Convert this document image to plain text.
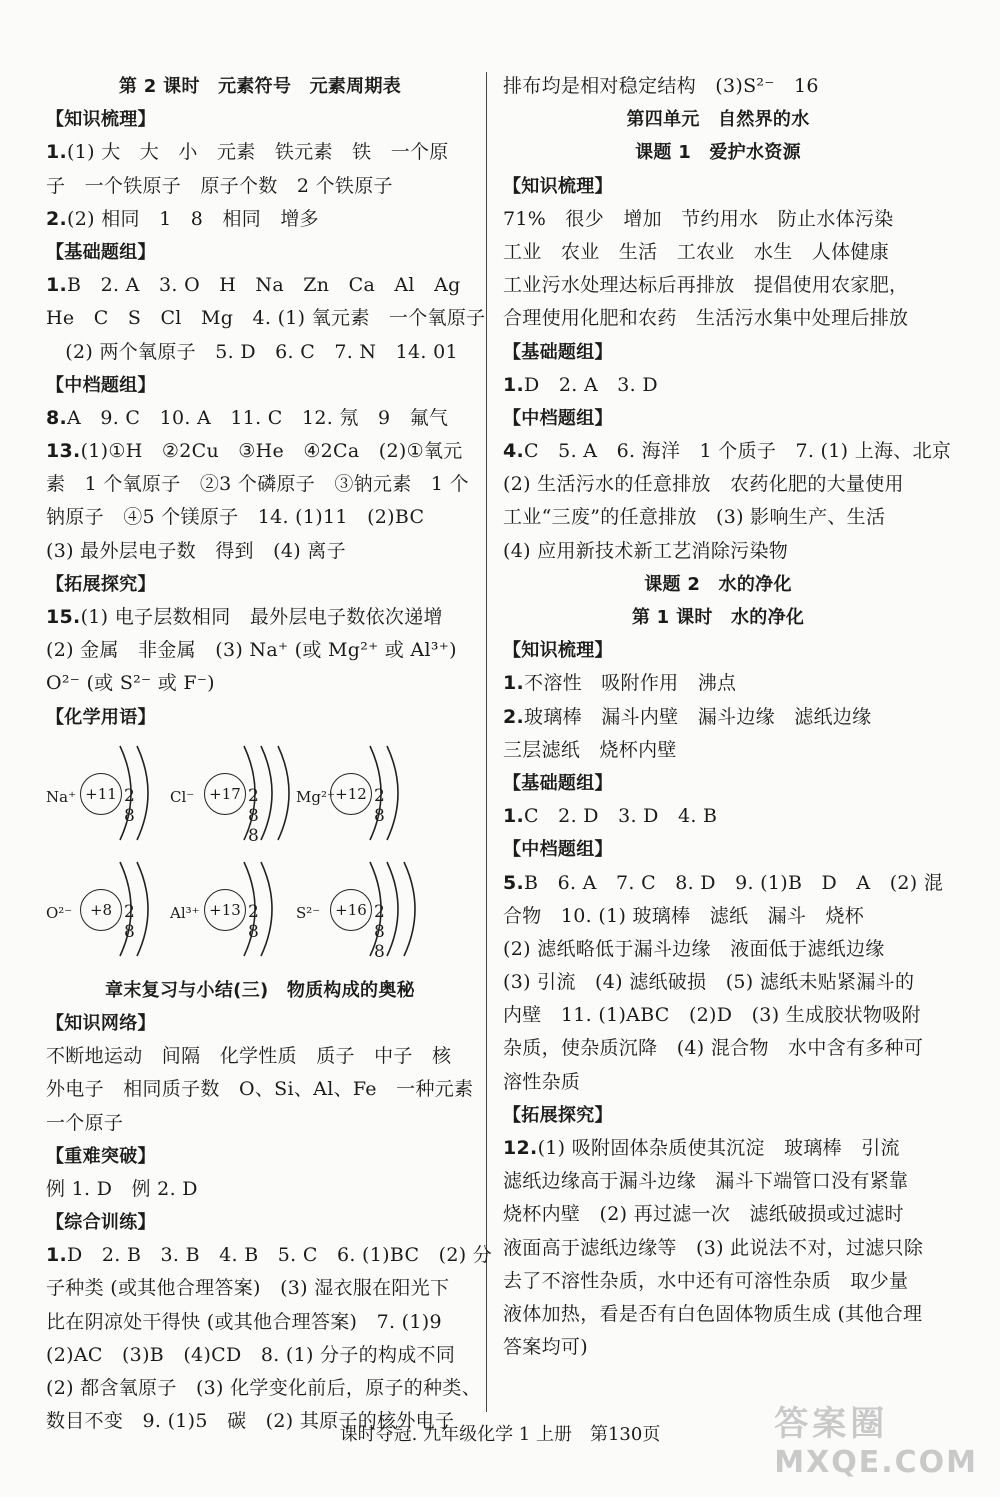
第 2 课时　元素符号　元素周期表
【知识梳理】
1.(1) 大　大　小　元素　铁元素　铁　一个原
子　一个铁原子　原子个数　2 个铁原子
2.(2) 相同　1　8　相同　增多
【基础题组】
1.B　2. A　3. O　H　Na　Zn　Ca　Al　Ag
He　C　S　Cl　Mg　4. (1) 氧元素　一个氧原子
　(2) 两个氧原子　5. D　6. C　7. N　14. 01
【中档题组】
8.A　9. C　10. A　11. C　12. 氖　9　氟气
13.(1)①H　②2Cu　③He　④2Ca　(2)①氧元
素　1 个氧原子　②3 个磷原子　③钠元素　1 个
钠原子　④5 个镁原子　14. (1)11　(2)BC
(3) 最外层电子数　得到　(4) 离子
【拓展探究】
15.(1) 电子层数相同　最外层电子数依次递增
(2) 金属　非金属　(3) Na⁺ (或 Mg²⁺ 或 Al³⁺)
O²⁻ (或 S²⁻ 或 F⁻)
【化学用语】
Na⁺ +11 2 8
Cl⁻ +17 2 8 8
Mg²⁺ +12 2 8
O²⁻	+8 2 8
Al³⁺ +13 2 8
S²⁻ +16 2 8 8
章末复习与小结(三)　物质构成的奥秘
【知识网络】
不断地运动　间隔　化学性质　质子　中子　核
外电子　相同质子数　O、Si、Al、Fe　一种元素
一个原子
【重难突破】
例 1. D　例 2. D
【综合训练】
1.D　2. B　3. B　4. B　5. C　6. (1)BC　(2) 分
子种类 (或其他合理答案)　(3) 湿衣服在阳光下
比在阴凉处干得快 (或其他合理答案)　7. (1)9
(2)AC　(3)B　(4)CD　8. (1) 分子的构成不同
(2) 都含氧原子　(3) 化学变化前后，原子的种类、
数目不变　9. (1)5　碳　(2) 其原子的核外电子
排布均是相对稳定结构　(3)S²⁻　16
第四单元　自然界的水
课题 1　爱护水资源
【知识梳理】
71%　很少　增加　节约用水　防止水体污染
工业　农业　生活　工农业　水生　人体健康
工业污水处理达标后再排放　提倡使用农家肥，
合理使用化肥和农药　生活污水集中处理后排放
【基础题组】
1.D　2. A　3. D
【中档题组】
4.C　5. A　6. 海洋　1 个质子　7. (1) 上海、北京
(2) 生活污水的任意排放　农药化肥的大量使用
工业“三废”的任意排放　(3) 影响生产、生活
(4) 应用新技术新工艺消除污染物
课题 2　水的净化
第 1 课时　水的净化
【知识梳理】
1.不溶性　吸附作用　沸点
2.玻璃棒　漏斗内壁　漏斗边缘　滤纸边缘
三层滤纸　烧杯内壁
【基础题组】
1.C　2. D　3. D　4. B
【中档题组】
5.B　6. A　7. C　8. D　9. (1)B　D　A　(2) 混
合物　10. (1) 玻璃棒　滤纸　漏斗　烧杯
(2) 滤纸略低于漏斗边缘　液面低于滤纸边缘
(3) 引流　(4) 滤纸破损　(5) 滤纸未贴紧漏斗的
内壁　11. (1)ABC　(2)D　(3) 生成胶状物吸附
杂质，使杂质沉降　(4) 混合物　水中含有多种可
溶性杂质
【拓展探究】
12.(1) 吸附固体杂质使其沉淀　玻璃棒　引流
滤纸边缘高于漏斗边缘　漏斗下端管口没有紧靠
烧杯内壁　(2) 再过滤一次　滤纸破损或过滤时
液面高于滤纸边缘等　(3) 此说法不对，过滤只除
去了不溶性杂质，水中还有可溶性杂质　取少量
液体加热，看是否有白色固体物质生成 (其他合理
答案均可)
课时夺冠. 九年级化学 1 上册　第130页	答案圈
MXQE.COM
